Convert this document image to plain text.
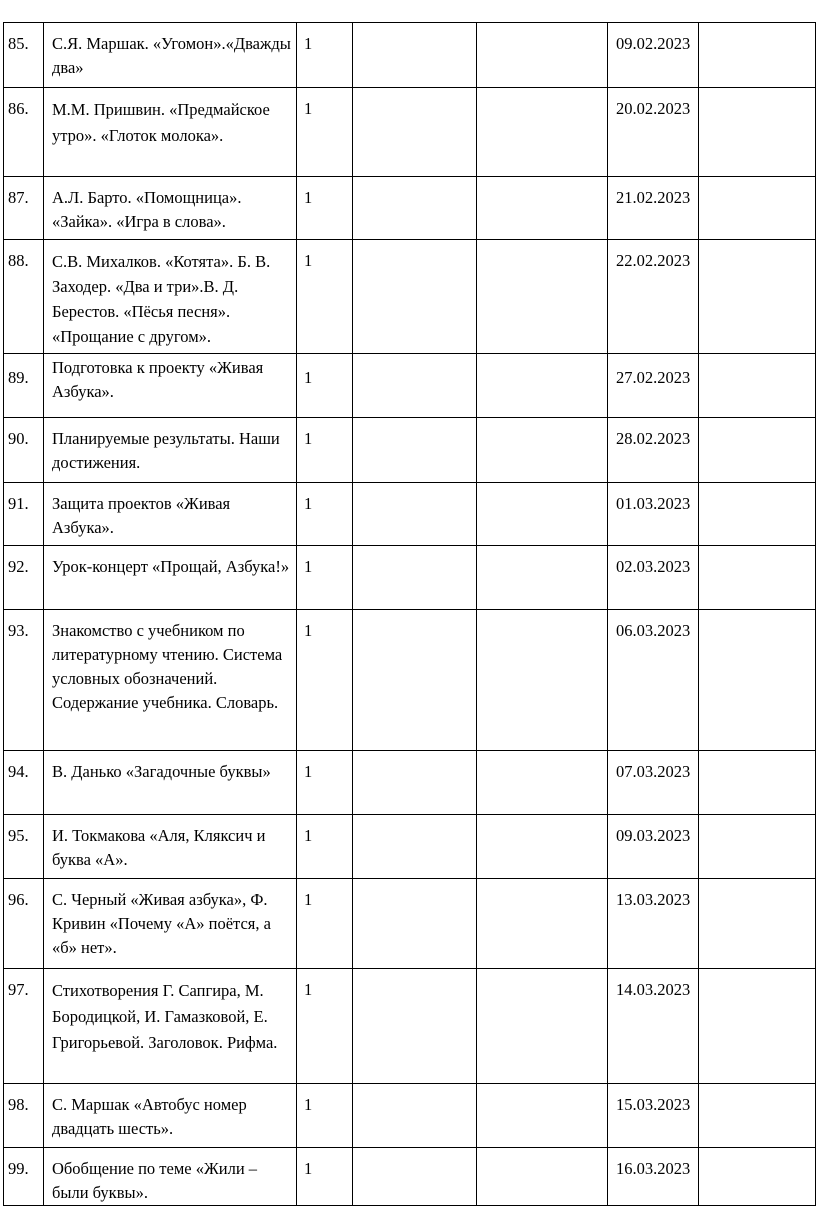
85.	С.Я. Маршак. «Угомон».«Дважды два»	1			09.02.2023	
86.	М.М. Пришвин. «Предмайское утро». «Глоток молока».	1			20.02.2023	
87.	А.Л. Барто. «Помощница». «Зайка». «Игра в слова».	1			21.02.2023	
88.	С.В. Михалков. «Котята». Б. В. Заходер. «Два и три».В. Д. Берестов. «Пёсья песня». «Прощание с другом».	1			22.02.2023	
89.	Подготовка к проекту «Живая Азбука».	1			27.02.2023	
90.	Планируемые результаты. Наши достижения.	1			28.02.2023	
91.	Защита проектов «Живая Азбука».	1			01.03.2023	
92.	Урок-концерт «Прощай, Азбука!»	1			02.03.2023	
93.	Знакомство с учебником по литературному чтению. Система условных обозначений. Содержание учебника. Словарь.	1			06.03.2023	
94.	В. Данько «Загадочные буквы»	1			07.03.2023	
95.	И. Токмакова «Аля, Кляксич и буква «А».	1			09.03.2023	
96.	С. Черный «Живая азбука», Ф. Кривин «Почему «А» поётся, а «б» нет».	1			13.03.2023	
97.	Стихотворения Г. Сапгира, М. Бородицкой, И. Гамазковой, Е. Григорьевой. Заголовок. Рифма.	1			14.03.2023	
98.	С. Маршак «Автобус номер двадцать шесть».	1			15.03.2023	
99.	Обобщение по теме «Жили – были буквы».	1			16.03.2023	
